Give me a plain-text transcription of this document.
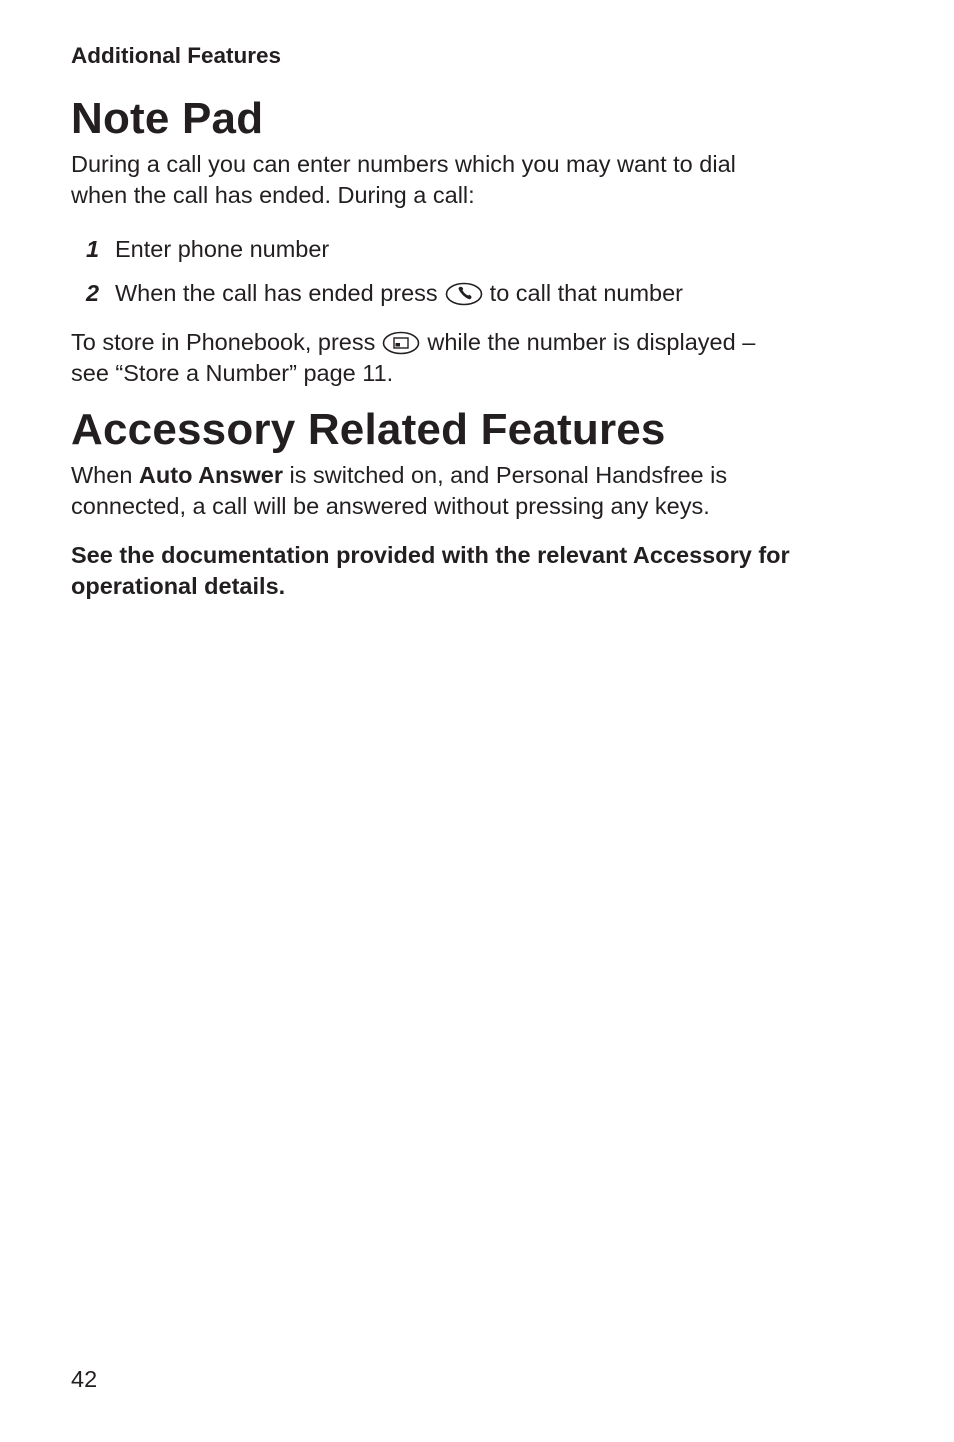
Additional Features
Note Pad
During a call you can enter numbers which you may want to dial
when the call has ended. During a call:
1 Enter phone number
2 When the call has ended press to call that number
To store in Phonebook, press while the number is displayed –
see “Store a Number” page 11.
Accessory Related Features
When Auto Answer is switched on, and Personal Handsfree is
connected, a call will be answered without pressing any keys.
See the documentation provided with the relevant Accessory for
operational details.
42
